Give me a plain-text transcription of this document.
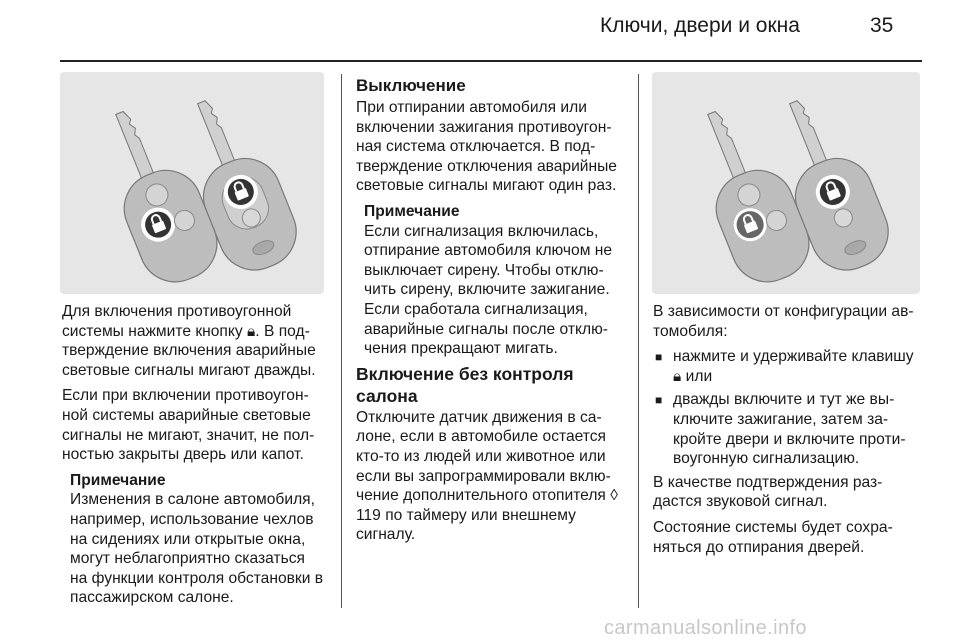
Ключи, двери и окна	35

Для включения противоугонной системы нажмите кнопку 🔒︎. В подтверждение включения аварийные световые сигналы мигают дважды.

Если при включении противоугонной системы аварийные световые сигналы не мигают, значит, не полностью закрыты дверь или капот.

Примечание
Изменения в салоне автомобиля, например, использование чехлов на сидениях или открытые окна, могут неблагоприятно сказаться на функции контроля обстановки в пассажирском салоне.
Выключение

При отпирании автомобиля или включении зажигания противоугонная система отключается. В подтверждение отключения аварийные световые сигналы мигают один раз.

Примечание
Если сигнализация включилась, отпирание автомобиля ключом не выключает сирену. Чтобы отключить сирену, включите зажигание. Если сработала сигнализация, аварийные сигналы после отключения прекращают мигать.
Включение без контроля салона

Отключите датчик движения в салоне, если в автомобиле остается кто-то из людей или животное или если вы запрограммировали включение дополнительного отопителя ◊ 119 по таймеру или внешнему сигналу.

В зависимости от конфигурации автомобиля:

■
нажмите и удерживайте клавишу 🔒︎ или
■
дважды включите и тут же выключите зажигание, затем закройте двери и включите противоугонную сигнализацию.

В качестве подтверждения раздастся звуковой сигнал.

Состояние системы будет сохраняться до отпирания дверей.

carmanualsonline.info
